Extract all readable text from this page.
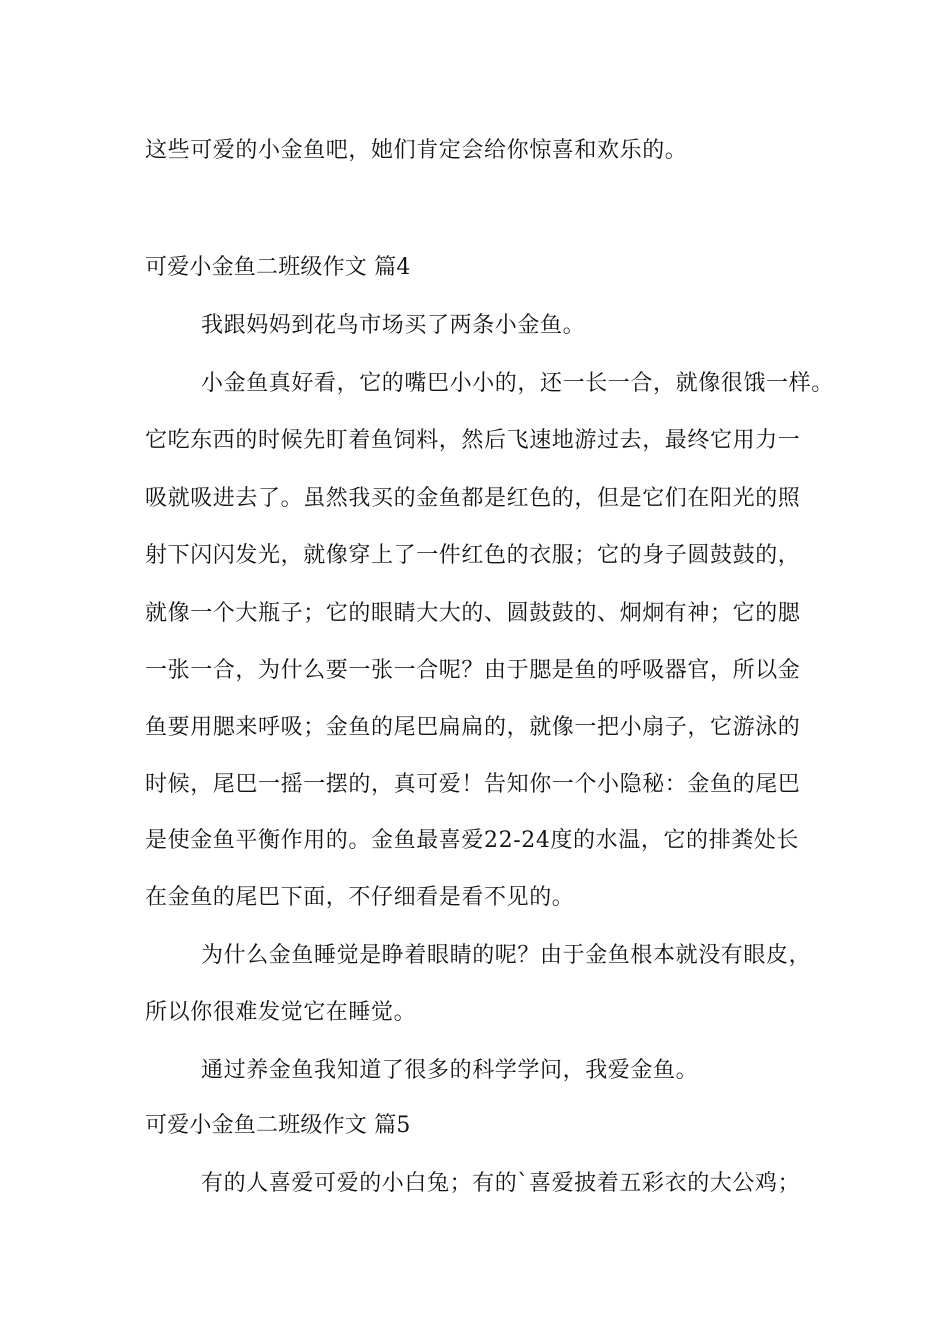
这些可爱的小金鱼吧，她们肯定会给你惊喜和欢乐的。
可爱小金鱼二班级作文 篇4
我跟妈妈到花鸟市场买了两条小金鱼。
小金鱼真好看，它的嘴巴小小的，还一长一合，就像很饿一样。
它吃东西的时候先盯着鱼饲料，然后飞速地游过去，最终它用力一
吸就吸进去了。虽然我买的金鱼都是红色的，但是它们在阳光的照
射下闪闪发光，就像穿上了一件红色的衣服；它的身子圆鼓鼓的，
就像一个大瓶子；它的眼睛大大的、圆鼓鼓的、炯炯有神；它的腮
一张一合，为什么要一张一合呢？由于腮是鱼的呼吸器官，所以金
鱼要用腮来呼吸；金鱼的尾巴扁扁的，就像一把小扇子，它游泳的
时候，尾巴一摇一摆的，真可爱！告知你一个小隐秘：金鱼的尾巴
是使金鱼平衡作用的。金鱼最喜爱22-24度的水温，它的排粪处长
在金鱼的尾巴下面，不仔细看是看不见的。
为什么金鱼睡觉是睁着眼睛的呢？由于金鱼根本就没有眼皮，
所以你很难发觉它在睡觉。
通过养金鱼我知道了很多的科学学问，我爱金鱼。
可爱小金鱼二班级作文 篇5
有的人喜爱可爱的小白兔；有的`喜爱披着五彩衣的大公鸡；
